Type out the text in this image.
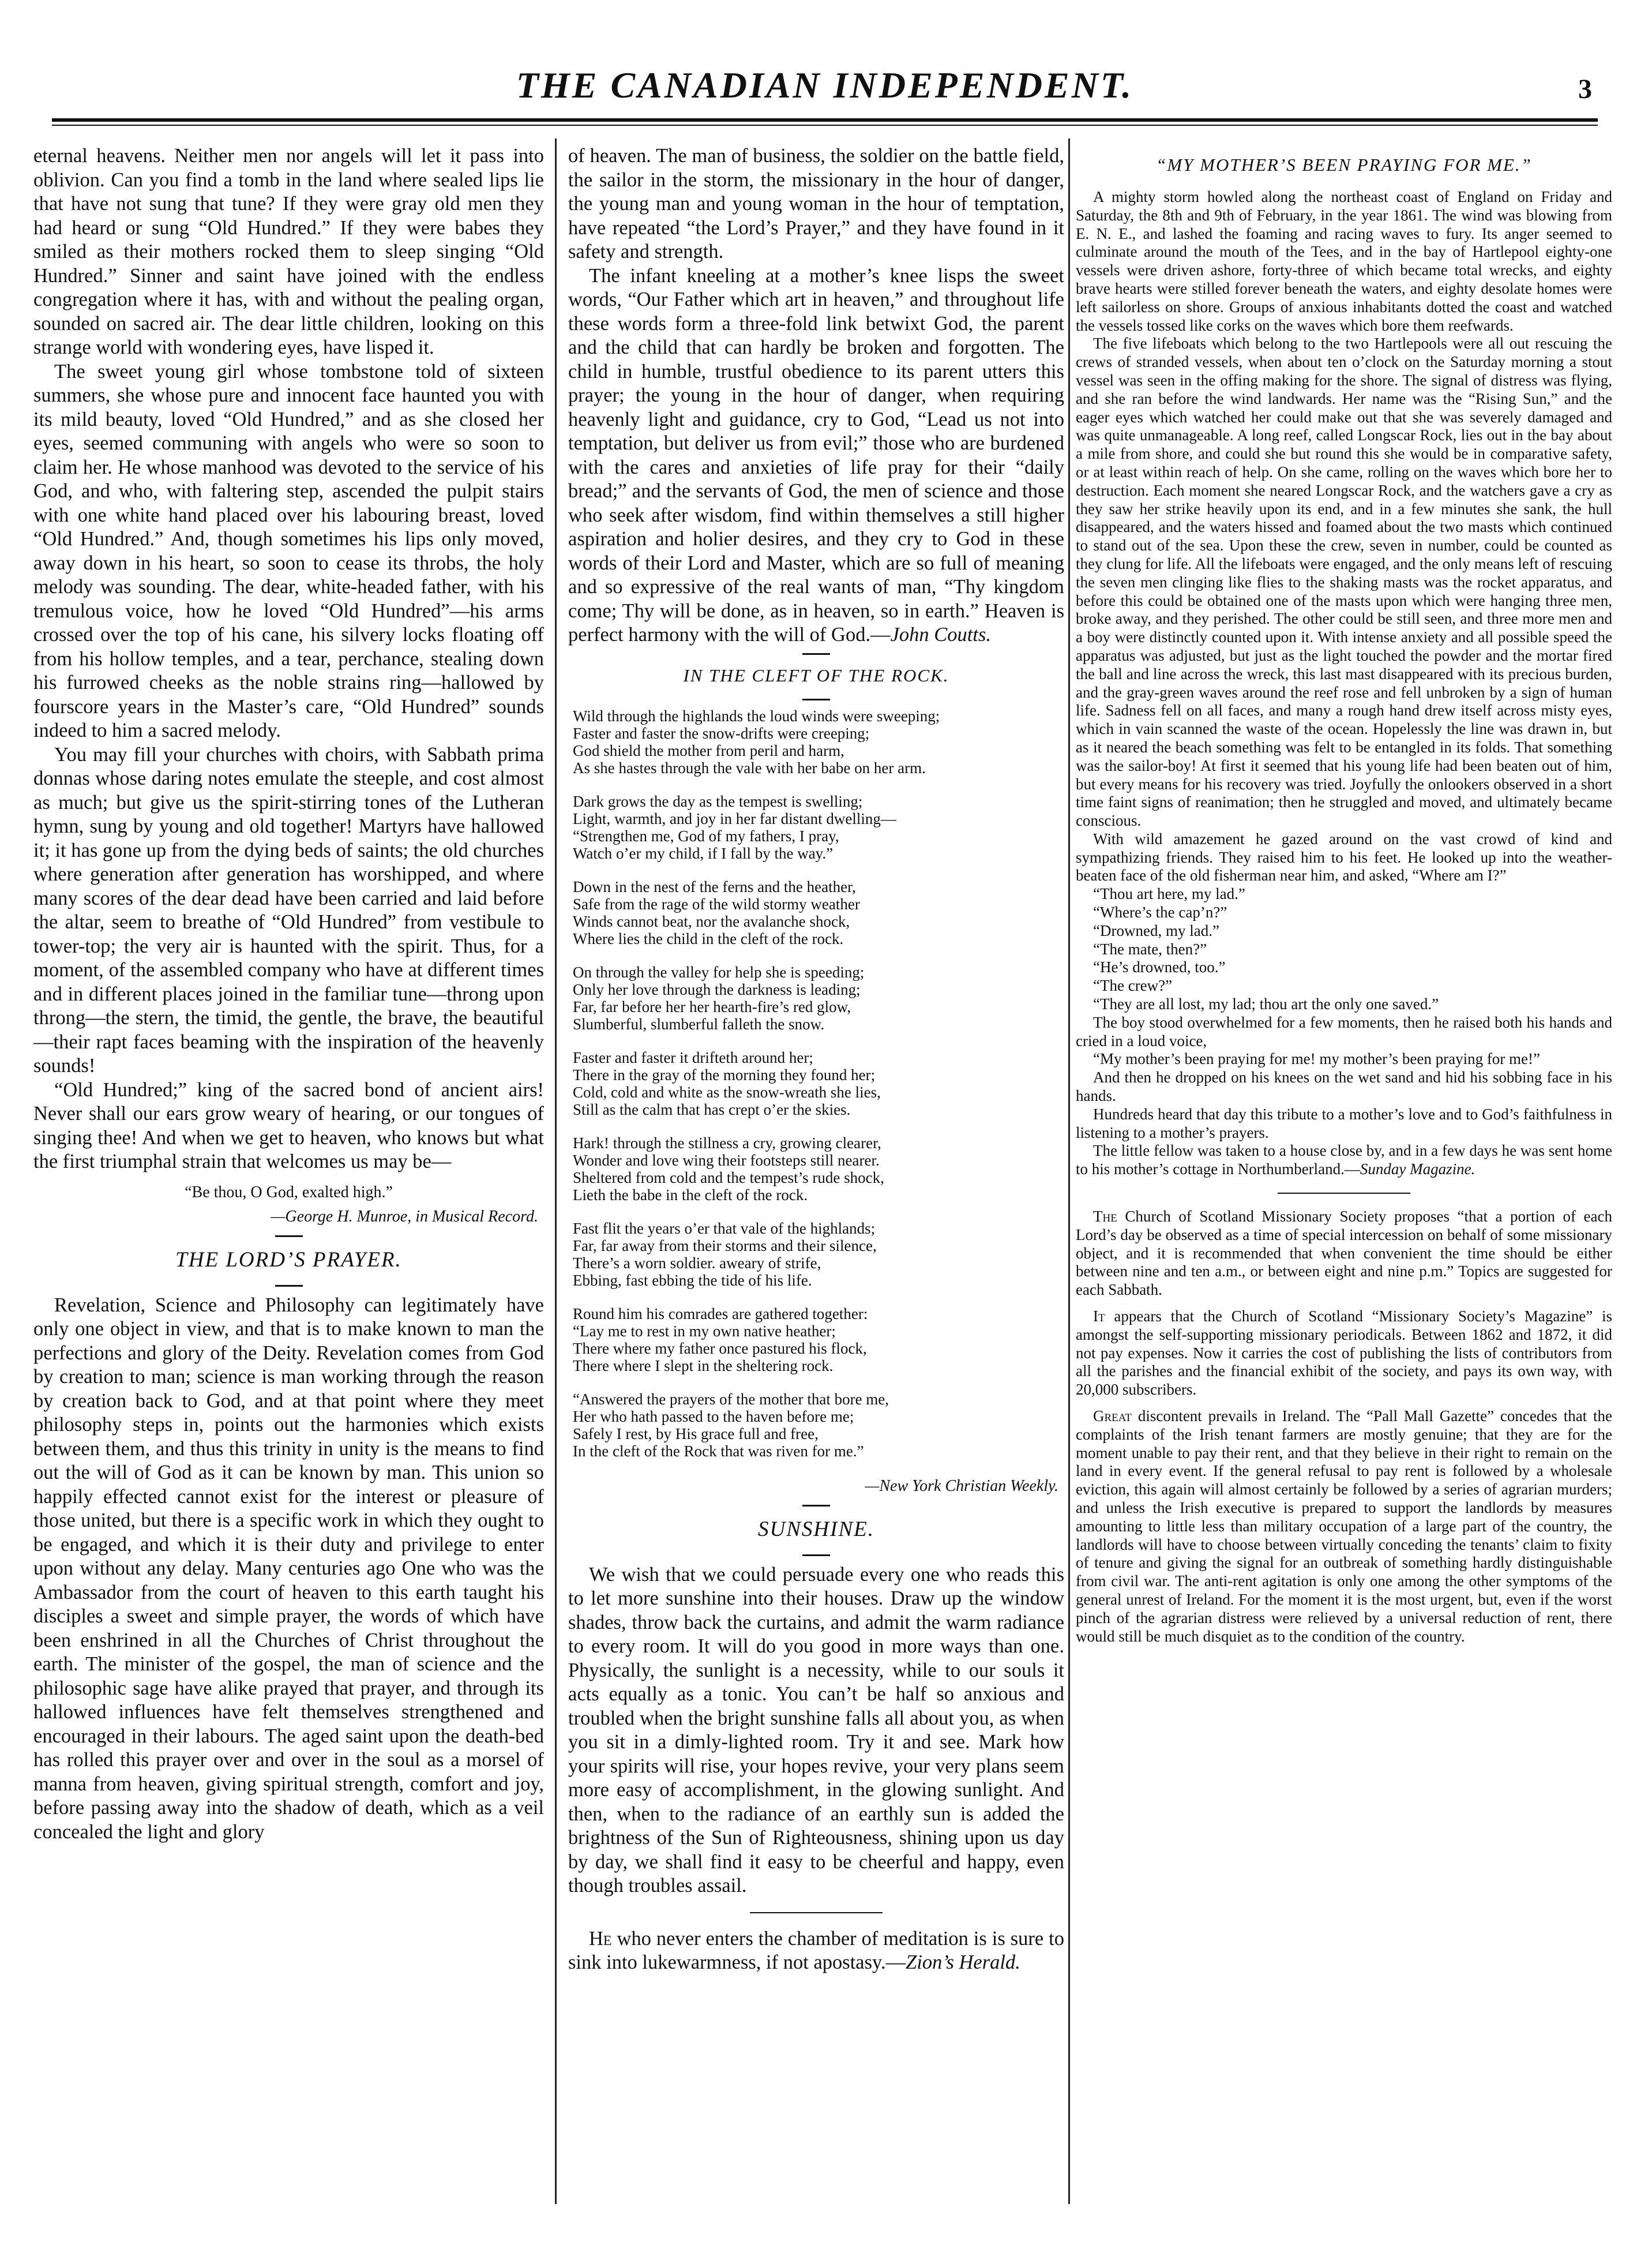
THE CANADIAN INDEPENDENT.	3

eternal heavens. Neither men nor angels will let it pass into oblivion. Can you find a tomb in the land where sealed lips lie that have not sung that tune? If they were gray old men they had heard or sung “Old Hundred.” If they were babes they smiled as their mothers rocked them to sleep singing “Old Hundred.” Sinner and saint have joined with the endless congregation where it has, with and without the pealing organ, sounded on sacred air. The dear little children, looking on this strange world with wondering eyes, have lisped it.

The sweet young girl whose tombstone told of sixteen summers, she whose pure and innocent face haunted you with its mild beauty, loved “Old Hundred,” and as she closed her eyes, seemed communing with angels who were so soon to claim her. He whose manhood was devoted to the service of his God, and who, with faltering step, ascended the pulpit stairs with one white hand placed over his labouring breast, loved “Old Hundred.” And, though sometimes his lips only moved, away down in his heart, so soon to cease its throbs, the holy melody was sounding. The dear, white-headed father, with his tremulous voice, how he loved “Old Hundred”—his arms crossed over the top of his cane, his silvery locks floating off from his hollow temples, and a tear, perchance, stealing down his furrowed cheeks as the noble strains ring—hallowed by fourscore years in the Master’s care, “Old Hundred” sounds indeed to him a sacred melody.

You may fill your churches with choirs, with Sabbath prima donnas whose daring notes emulate the steeple, and cost almost as much; but give us the spirit-stirring tones of the Lutheran hymn, sung by young and old together! Martyrs have hallowed it; it has gone up from the dying beds of saints; the old churches where generation after generation has worshipped, and where many scores of the dear dead have been carried and laid before the altar, seem to breathe of “Old Hundred” from vestibule to tower-top; the very air is haunted with the spirit. Thus, for a moment, of the assembled company who have at different times and in different places joined in the familiar tune—throng upon throng—the stern, the timid, the gentle, the brave, the beautiful—their rapt faces beaming with the inspiration of the heavenly sounds!

“Old Hundred;” king of the sacred bond of ancient airs! Never shall our ears grow weary of hearing, or our tongues of singing thee! And when we get to heaven, who knows but what the first triumphal strain that welcomes us may be—

“Be thou, O God, exalted high.”
—George H. Munroe, in Musical Record.
THE LORD’S PRAYER.

Revelation, Science and Philosophy can legitimately have only one object in view, and that is to make known to man the perfections and glory of the Deity. Revelation comes from God by creation to man; science is man working through the reason by creation back to God, and at that point where they meet philosophy steps in, points out the harmonies which exists between them, and thus this trinity in unity is the means to find out the will of God as it can be known by man. This union so happily effected cannot exist for the interest or pleasure of those united, but there is a specific work in which they ought to be engaged, and which it is their duty and privilege to enter upon without any delay. Many centuries ago One who was the Ambassador from the court of heaven to this earth taught his disciples a sweet and simple prayer, the words of which have been enshrined in all the Churches of Christ throughout the earth. The minister of the gospel, the man of science and the philosophic sage have alike prayed that prayer, and through its hallowed influences have felt themselves strengthened and encouraged in their labours. The aged saint upon the death-bed has rolled this prayer over and over in the soul as a morsel of manna from heaven, giving spiritual strength, comfort and joy, before passing away into the shadow of death, which as a veil concealed the light and glory

of heaven. The man of business, the soldier on the battle field, the sailor in the storm, the missionary in the hour of danger, the young man and young woman in the hour of temptation, have repeated “the Lord’s Prayer,” and they have found in it safety and strength.

The infant kneeling at a mother’s knee lisps the sweet words, “Our Father which art in heaven,” and throughout life these words form a three-fold link betwixt God, the parent and the child that can hardly be broken and forgotten. The child in humble, trustful obedience to its parent utters this prayer; the young in the hour of danger, when requiring heavenly light and guidance, cry to God, “Lead us not into temptation, but deliver us from evil;” those who are burdened with the cares and anxieties of life pray for their “daily bread;” and the servants of God, the men of science and those who seek after wisdom, find within themselves a still higher aspiration and holier desires, and they cry to God in these words of their Lord and Master, which are so full of meaning and so expressive of the real wants of man, “Thy kingdom come; Thy will be done, as in heaven, so in earth.” Heaven is perfect harmony with the will of God.—John Coutts.

IN THE CLEFT OF THE ROCK.
Wild through the highlands the loud winds were sweeping;
Faster and faster the snow-drifts were creeping;
God shield the mother from peril and harm,
As she hastes through the vale with her babe on her arm.
Dark grows the day as the tempest is swelling;
Light, warmth, and joy in her far distant dwelling—
“Strengthen me, God of my fathers, I pray,
Watch o’er my child, if I fall by the way.”
Down in the nest of the ferns and the heather,
Safe from the rage of the wild stormy weather
Winds cannot beat, nor the avalanche shock,
Where lies the child in the cleft of the rock.
On through the valley for help she is speeding;
Only her love through the darkness is leading;
Far, far before her her hearth-fire’s red glow,
Slumberful, slumberful falleth the snow.
Faster and faster it drifteth around her;
There in the gray of the morning they found her;
Cold, cold and white as the snow-wreath she lies,
Still as the calm that has crept o’er the skies.
Hark! through the stillness a cry, growing clearer,
Wonder and love wing their footsteps still nearer.
Sheltered from cold and the tempest’s rude shock,
Lieth the babe in the cleft of the rock.
Fast flit the years o’er that vale of the highlands;
Far, far away from their storms and their silence,
There’s a worn soldier. aweary of strife,
Ebbing, fast ebbing the tide of his life.
Round him his comrades are gathered together:
“Lay me to rest in my own native heather;
There where my father once pastured his flock,
There where I slept in the sheltering rock.
“Answered the prayers of the mother that bore me,
Her who hath passed to the haven before me;
Safely I rest, by His grace full and free,
In the cleft of the Rock that was riven for me.”
—New York Christian Weekly.
SUNSHINE.

We wish that we could persuade every one who reads this to let more sunshine into their houses. Draw up the window shades, throw back the curtains, and admit the warm radiance to every room. It will do you good in more ways than one. Physically, the sunlight is a necessity, while to our souls it acts equally as a tonic. You can’t be half so anxious and troubled when the bright sunshine falls all about you, as when you sit in a dimly-lighted room. Try it and see. Mark how your spirits will rise, your hopes revive, your very plans seem more easy of accomplishment, in the glowing sunlight. And then, when to the radiance of an earthly sun is added the brightness of the Sun of Righteousness, shining upon us day by day, we shall find it easy to be cheerful and happy, even though troubles assail.

He who never enters the chamber of meditation is is sure to sink into lukewarmness, if not apostasy.—Zion’s Herald.

“MY MOTHER’S BEEN PRAYING FOR ME.”

A mighty storm howled along the northeast coast of England on Friday and Saturday, the 8th and 9th of February, in the year 1861. The wind was blowing from E. N. E., and lashed the foaming and racing waves to fury. Its anger seemed to culminate around the mouth of the Tees, and in the bay of Hartlepool eighty-one vessels were driven ashore, forty-three of which became total wrecks, and eighty brave hearts were stilled forever beneath the waters, and eighty desolate homes were left sailorless on shore. Groups of anxious inhabitants dotted the coast and watched the vessels tossed like corks on the waves which bore them reefwards.

The five lifeboats which belong to the two Hartlepools were all out rescuing the crews of stranded vessels, when about ten o’clock on the Saturday morning a stout vessel was seen in the offing making for the shore. The signal of distress was flying, and she ran before the wind landwards. Her name was the “Rising Sun,” and the eager eyes which watched her could make out that she was severely damaged and was quite unmanageable. A long reef, called Longscar Rock, lies out in the bay about a mile from shore, and could she but round this she would be in comparative safety, or at least within reach of help. On she came, rolling on the waves which bore her to destruction. Each moment she neared Longscar Rock, and the watchers gave a cry as they saw her strike heavily upon its end, and in a few minutes she sank, the hull disappeared, and the waters hissed and foamed about the two masts which continued to stand out of the sea. Upon these the crew, seven in number, could be counted as they clung for life. All the lifeboats were engaged, and the only means left of rescuing the seven men clinging like flies to the shaking masts was the rocket apparatus, and before this could be obtained one of the masts upon which were hanging three men, broke away, and they perished. The other could be still seen, and three more men and a boy were distinctly counted upon it. With intense anxiety and all possible speed the apparatus was adjusted, but just as the light touched the powder and the mortar fired the ball and line across the wreck, this last mast disappeared with its precious burden, and the gray-green waves around the reef rose and fell unbroken by a sign of human life. Sadness fell on all faces, and many a rough hand drew itself across misty eyes, which in vain scanned the waste of the ocean. Hopelessly the line was drawn in, but as it neared the beach something was felt to be entangled in its folds. That something was the sailor-boy! At first it seemed that his young life had been beaten out of him, but every means for his recovery was tried. Joyfully the onlookers observed in a short time faint signs of reanimation; then he struggled and moved, and ultimately became conscious.

With wild amazement he gazed around on the vast crowd of kind and sympathizing friends. They raised him to his feet. He looked up into the weather-beaten face of the old fisherman near him, and asked, “Where am I?”

“Thou art here, my lad.”
“Where’s the cap’n?”
“Drowned, my lad.”
“The mate, then?”
“He’s drowned, too.”
“The crew?”
“They are all lost, my lad; thou art the only one saved.”

The boy stood overwhelmed for a few moments, then he raised both his hands and cried in a loud voice,

“My mother’s been praying for me! my mother’s been praying for me!”

And then he dropped on his knees on the wet sand and hid his sobbing face in his hands.

Hundreds heard that day this tribute to a mother’s love and to God’s faithfulness in listening to a mother’s prayers.

The little fellow was taken to a house close by, and in a few days he was sent home to his mother’s cottage in Northumberland.—Sunday Magazine.

The Church of Scotland Missionary Society proposes “that a portion of each Lord’s day be observed as a time of special intercession on behalf of some missionary object, and it is recommended that when convenient the time should be either between nine and ten a.m., or between eight and nine p.m.” Topics are suggested for each Sabbath.

It appears that the Church of Scotland “Missionary Society’s Magazine” is amongst the self-supporting missionary periodicals. Between 1862 and 1872, it did not pay expenses. Now it carries the cost of publishing the lists of contributors from all the parishes and the financial exhibit of the society, and pays its own way, with 20,000 subscribers.

Great discontent prevails in Ireland. The “Pall Mall Gazette” concedes that the complaints of the Irish tenant farmers are mostly genuine; that they are for the moment unable to pay their rent, and that they believe in their right to remain on the land in every event. If the general refusal to pay rent is followed by a wholesale eviction, this again will almost certainly be followed by a series of agrarian murders; and unless the Irish executive is prepared to support the landlords by measures amounting to little less than military occupation of a large part of the country, the landlords will have to choose between virtually conceding the tenants’ claim to fixity of tenure and giving the signal for an outbreak of something hardly distinguishable from civil war. The anti-rent agitation is only one among the other symptoms of the general unrest of Ireland. For the moment it is the most urgent, but, even if the worst pinch of the agrarian distress were relieved by a universal reduction of rent, there would still be much disquiet as to the condition of the country.
